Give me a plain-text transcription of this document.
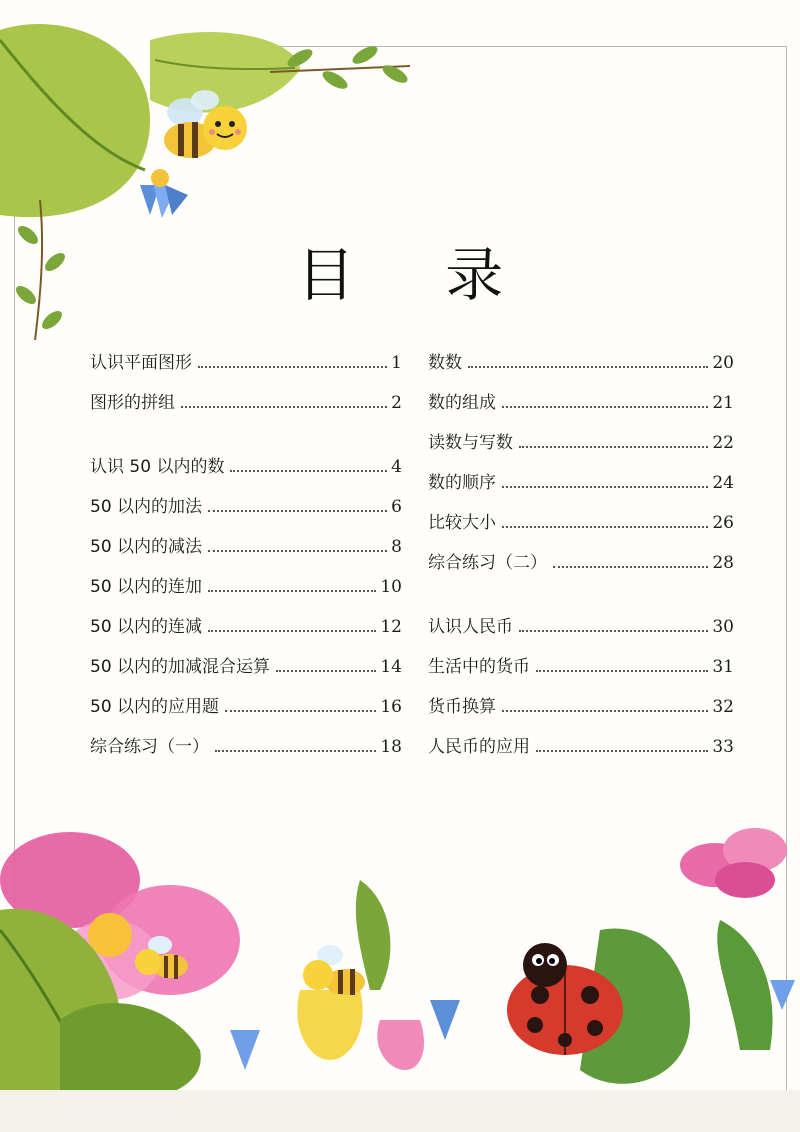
目 录
认识平面图形	1
图形的拼组	2
认识 50 以内的数	4
50 以内的加法	6
50 以内的减法	8
50 以内的连加	10
50 以内的连减	12
50 以内的加减混合运算	14
50 以内的应用题	16
综合练习（一）	18
数数	20
数的组成	21
读数与写数	22
数的顺序	24
比较大小	26
综合练习（二）	28
认识人民币	30
生活中的货币	31
货币换算	32
人民币的应用	33
